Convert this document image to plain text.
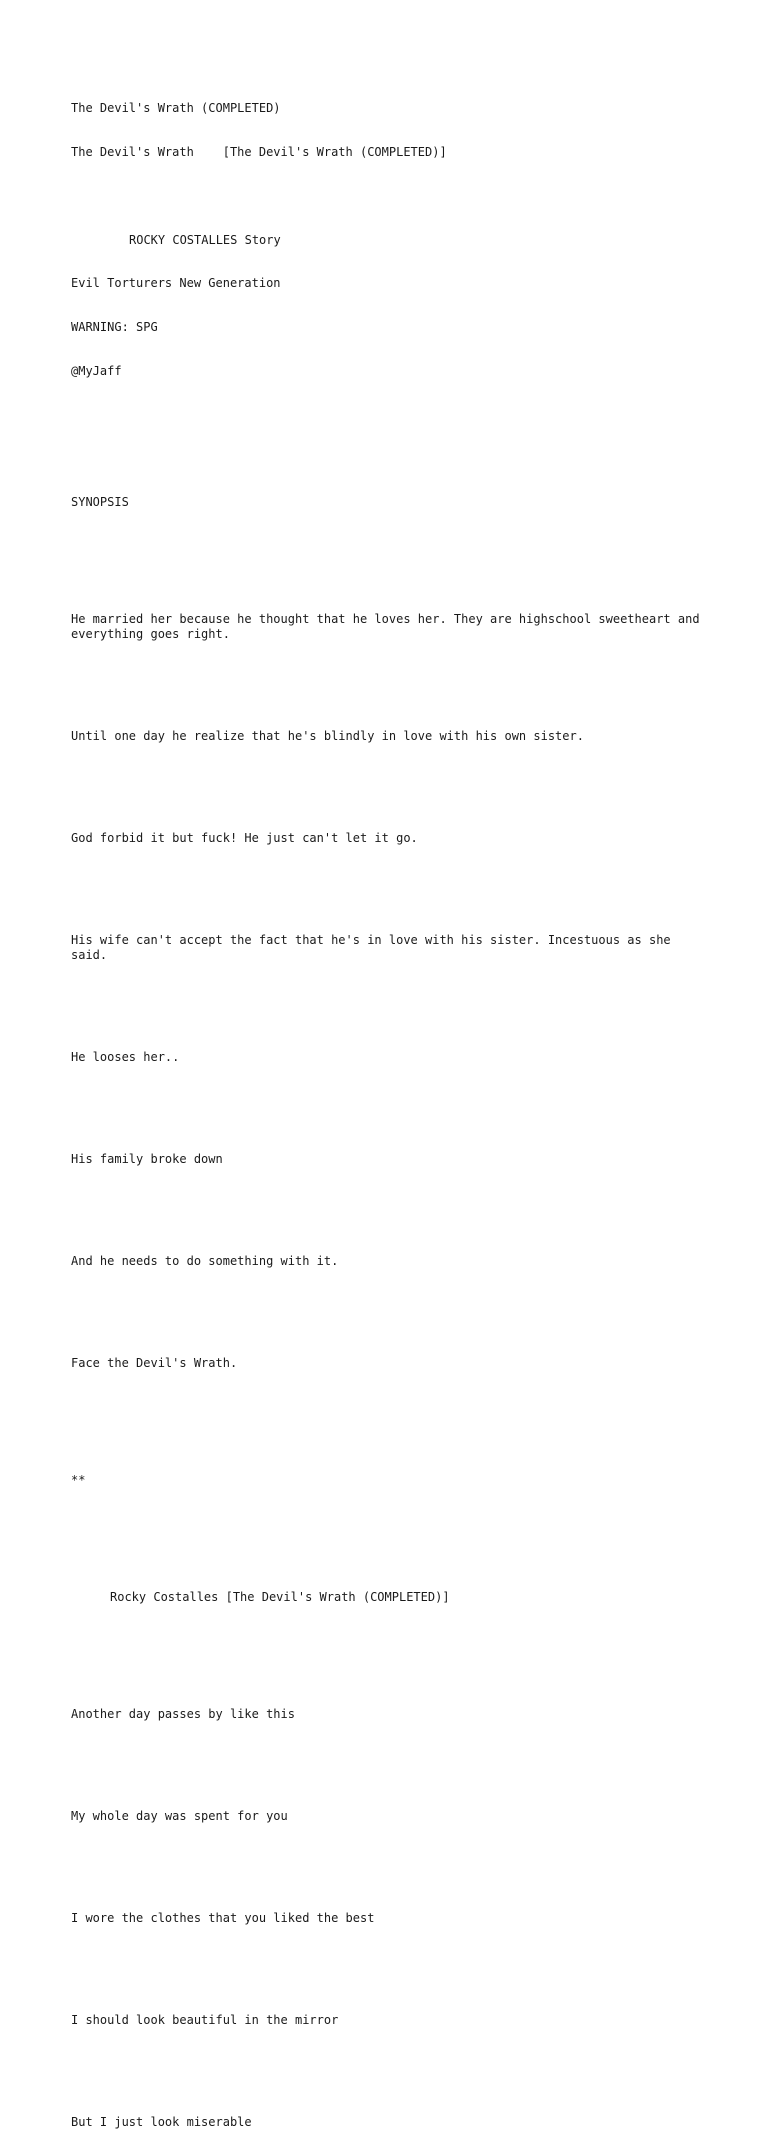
The Devil's Wrath (COMPLETED)

The Devil's Wrath    [The Devil's Wrath (COMPLETED)]

ROCKY COSTALLES Story

Evil Torturers New Generation

WARNING: SPG

@MyJaff

SYNOPSIS

He married her because he thought that he loves her. They are highschool sweetheart and everything goes right.

Until one day he realize that he's blindly in love with his own sister.

God forbid it but fuck! He just can't let it go.

His wife can't accept the fact that he's in love with his sister. Incestuous as she said.

He looses her..

His family broke down

And he needs to do something with it.

Face the Devil's Wrath.

**

Rocky Costalles [The Devil's Wrath (COMPLETED)]

Another day passes by like this

My whole day was spent for you

I wore the clothes that you liked the best

I should look beautiful in the mirror

But I just look miserable
